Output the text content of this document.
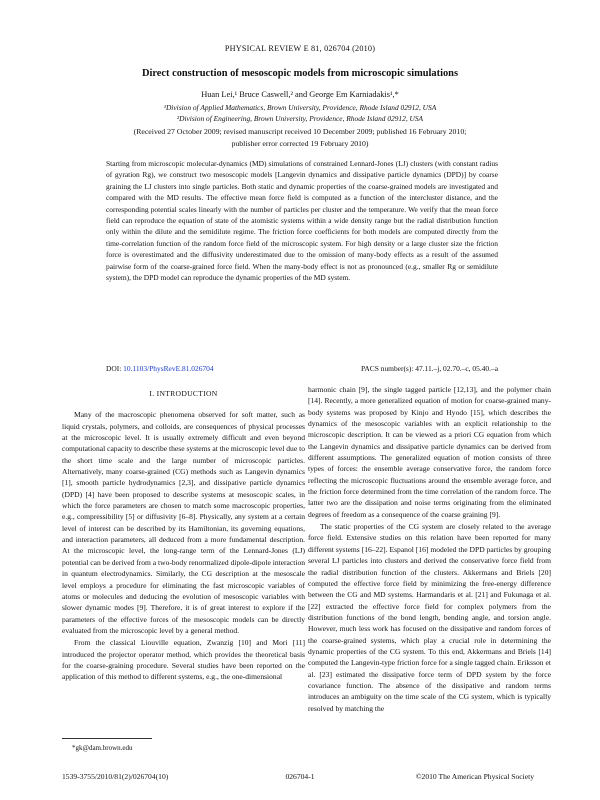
PHYSICAL REVIEW E 81, 026704 (2010)
Direct construction of mesoscopic models from microscopic simulations
Huan Lei,¹ Bruce Caswell,² and George Em Karniadakis¹,*
¹Division of Applied Mathematics, Brown University, Providence, Rhode Island 02912, USA
²Division of Engineering, Brown University, Providence, Rhode Island 02912, USA
(Received 27 October 2009; revised manuscript received 10 December 2009; published 16 February 2010;
publisher error corrected 19 February 2010)
Starting from microscopic molecular-dynamics (MD) simulations of constrained Lennard-Jones (LJ) clusters (with constant radius of gyration Rg), we construct two mesoscopic models [Langevin dynamics and dissipative particle dynamics (DPD)] by coarse graining the LJ clusters into single particles. Both static and dynamic properties of the coarse-grained models are investigated and compared with the MD results. The effective mean force field is computed as a function of the intercluster distance, and the corresponding potential scales linearly with the number of particles per cluster and the temperature. We verify that the mean force field can reproduce the equation of state of the atomistic systems within a wide density range but the radial distribution function only within the dilute and the semidilute regime. The friction force coefficients for both models are computed directly from the time-correlation function of the random force field of the microscopic system. For high density or a large cluster size the friction force is overestimated and the diffusivity underestimated due to the omission of many-body effects as a result of the assumed pairwise form of the coarse-grained force field. When the many-body effect is not as pronounced (e.g., smaller Rg or semidilute system), the DPD model can reproduce the dynamic properties of the MD system.
DOI: 10.1103/PhysRevE.81.026704	PACS number(s): 47.11.–j, 02.70.–c, 05.40.–a
I. INTRODUCTION

Many of the macroscopic phenomena observed for soft matter, such as liquid crystals, polymers, and colloids, are consequences of physical processes at the microscopic level. It is usually extremely difficult and even beyond computational capacity to describe these systems at the microscopic level due to the short time scale and the large number of microscopic particles. Alternatively, many coarse-grained (CG) methods such as Langevin dynamics [1], smooth particle hydrodynamics [2,3], and dissipative particle dynamics (DPD) [4] have been proposed to describe systems at mesoscopic scales, in which the force parameters are chosen to match some macroscopic properties, e.g., compressibility [5] or diffusivity [6–8]. Physically, any system at a certain level of interest can be described by its Hamiltonian, its governing equations, and interaction parameters, all deduced from a more fundamental description. At the microscopic level, the long-range term of the Lennard-Jones (LJ) potential can be derived from a two-body renormalized dipole-dipole interaction in quantum electrodynamics. Similarly, the CG description at the mesoscale level employs a procedure for eliminating the fast microscopic variables of atoms or molecules and deducing the evolution of mesoscopic variables with slower dynamic modes [9]. Therefore, it is of great interest to explore if the parameters of the effective forces of the mesoscopic models can be directly evaluated from the microscopic level by a general method.

From the classical Liouville equation, Zwanzig [10] and Mori [11] introduced the projector operator method, which provides the theoretical basis for the coarse-graining procedure. Several studies have been reported on the application of this method to different systems, e.g., the one-dimensional

harmonic chain [9], the single tagged particle [12,13], and the polymer chain [14]. Recently, a more generalized equation of motion for coarse-grained many-body systems was proposed by Kinjo and Hyodo [15], which describes the dynamics of the mesoscopic variables with an explicit relationship to the microscopic description. It can be viewed as a priori CG equation from which the Langevin dynamics and dissipative particle dynamics can be derived from different assumptions. The generalized equation of motion consists of three types of forces: the ensemble average conservative force, the random force reflecting the microscopic fluctuations around the ensemble average force, and the friction force determined from the time correlation of the random force. The latter two are the dissipation and noise terms originating from the eliminated degrees of freedom as a consequence of the coarse graining [9].

The static properties of the CG system are closely related to the average force field. Extensive studies on this relation have been reported for many different systems [16–22]. Espanol [16] modeled the DPD particles by grouping several LJ particles into clusters and derived the conservative force field from the radial distribution function of the clusters. Akkermans and Briels [20] computed the effective force field by minimizing the free-energy difference between the CG and MD systems. Harmandaris et al. [21] and Fukunaga et al. [22] extracted the effective force field for complex polymers from the distribution functions of the bond length, bending angle, and torsion angle. However, much less work has focused on the dissipative and random forces of the coarse-grained systems, which play a crucial role in determining the dynamic properties of the CG system. To this end, Akkermans and Briels [14] computed the Langevin-type friction force for a single tagged chain. Eriksson et al. [23] estimated the dissipative force term of DPD system by the force covariance function. The absence of the dissipative and random terms introduces an ambiguity on the time scale of the CG system, which is typically resolved by matching the

*gk@dam.brown.edu
026704-1
1539-3755/2010/81(2)/026704(10)	©2010 The American Physical Society
